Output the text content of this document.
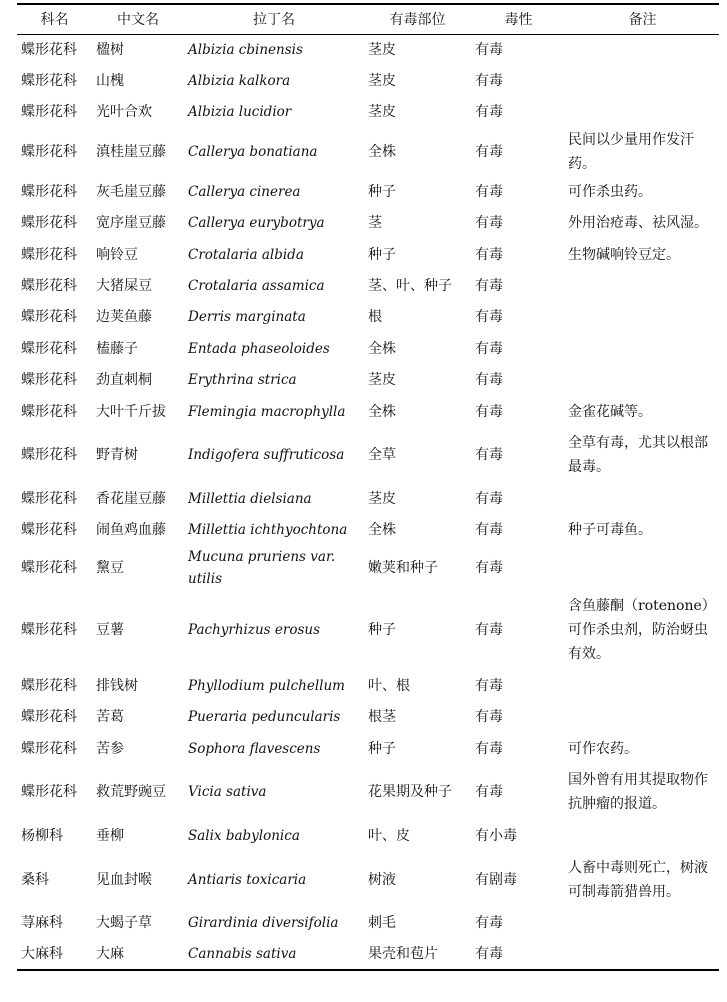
科名	中文名	拉丁名	有毒部位	毒性	备注
蝶形花科	楹树	Albizia cbinensis	茎皮	有毒	
蝶形花科	山槐	Albizia kalkora	茎皮	有毒	
蝶形花科	光叶合欢	Albizia lucidior	茎皮	有毒	
蝶形花科	滇桂崖豆藤	Callerya bonatiana	全株	有毒	民间以少量用作发汗药。
蝶形花科	灰毛崖豆藤	Callerya cinerea	种子	有毒	可作杀虫药。
蝶形花科	宽序崖豆藤	Callerya eurybotrya	茎	有毒	外用治疮毒、祛风湿。
蝶形花科	响铃豆	Crotalaria albida	种子	有毒	生物碱响铃豆定。
蝶形花科	大猪屎豆	Crotalaria assamica	茎、叶、种子	有毒	
蝶形花科	边荚鱼藤	Derris marginata	根	有毒	
蝶形花科	榼藤子	Entada phaseoloides	全株	有毒	
蝶形花科	劲直刺桐	Erythrina strica	茎皮	有毒	
蝶形花科	大叶千斤拔	Flemingia macrophylla	全株	有毒	金雀花碱等。
蝶形花科	野青树	Indigofera suffruticosa	全草	有毒	全草有毒，尤其以根部最毒。
蝶形花科	香花崖豆藤	Millettia dielsiana	茎皮	有毒	
蝶形花科	闹鱼鸡血藤	Millettia ichthyochtona	全株	有毒	种子可毒鱼。
蝶形花科	黧豆	Mucuna pruriens var. utilis	嫩荚和种子	有毒	
蝶形花科	豆薯	Pachyrhizus erosus	种子	有毒	含鱼藤酮（rotenone）可作杀虫剂，防治蚜虫有效。
蝶形花科	排钱树	Phyllodium pulchellum	叶、根	有毒	
蝶形花科	苦葛	Pueraria peduncularis	根茎	有毒	
蝶形花科	苦参	Sophora flavescens	种子	有毒	可作农药。
蝶形花科	救荒野豌豆	Vicia sativa	花果期及种子	有毒	国外曾有用其提取物作抗肿瘤的报道。
杨柳科	垂柳	Salix babylonica	叶、皮	有小毒	
桑科	见血封喉	Antiaris toxicaria	树液	有剧毒	人畜中毒则死亡，树液可制毒箭猎兽用。
荨麻科	大蝎子草	Girardinia diversifolia	刺毛	有毒	
大麻科	大麻	Cannabis sativa	果壳和苞片	有毒	
